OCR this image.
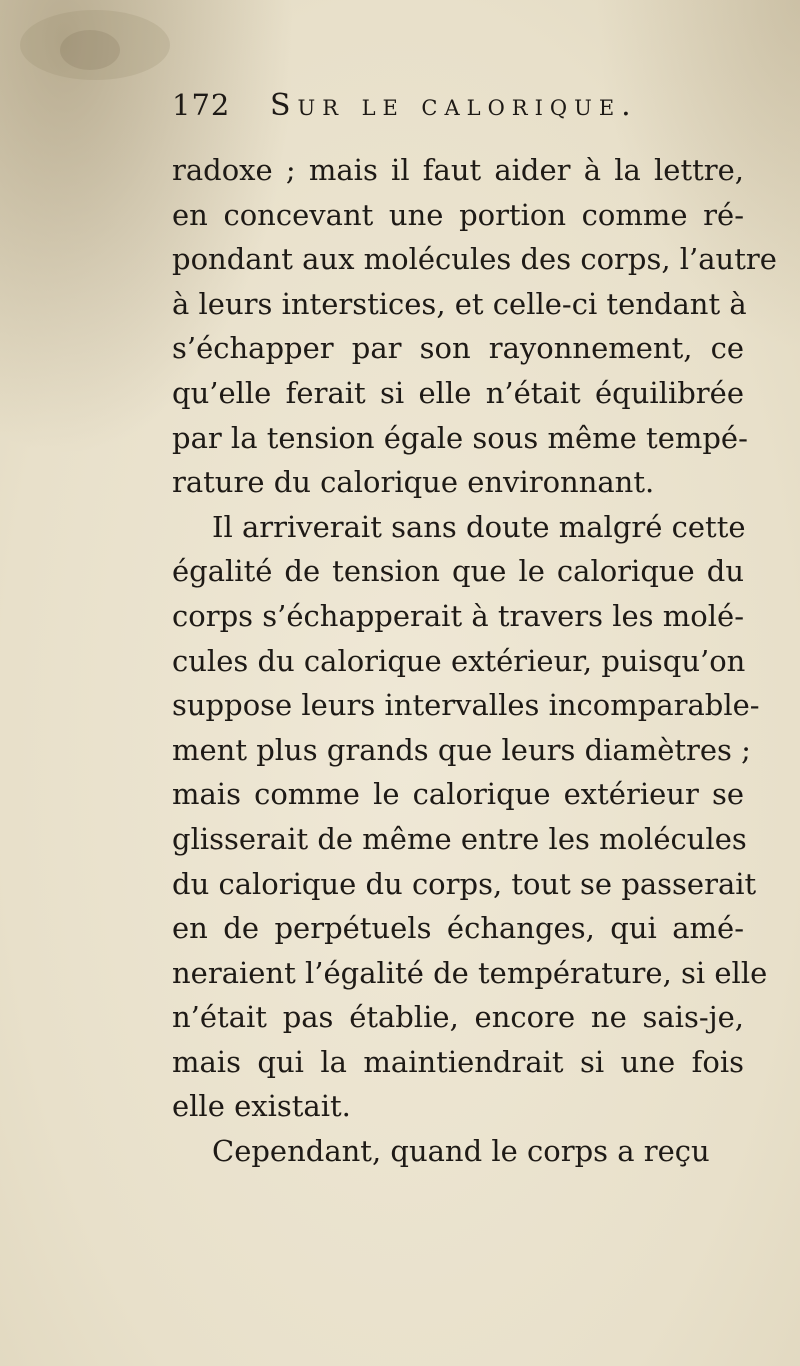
172 Sur le calorique.
radoxe ; mais il faut aider à la lettre,
en concevant une portion comme ré-
pondant aux molécules des corps, l’autre
à leurs interstices, et celle-ci tendant à
s’échapper par son rayonnement, ce
qu’elle ferait si elle n’était équilibrée
par la tension égale sous même tempé-
rature du calorique environnant.
Il arriverait sans doute malgré cette
égalité de tension que le calorique du
corps s’échapperait à travers les molé-
cules du calorique extérieur, puisqu’on
suppose leurs intervalles incomparable-
ment plus grands que leurs diamètres ;
mais comme le calorique extérieur se
glisserait de même entre les molécules
du calorique du corps, tout se passerait
en de perpétuels échanges, qui amé-
neraient l’égalité de température, si elle
n’était pas établie, encore ne sais-je,
mais qui la maintiendrait si une fois
elle existait.
Cependant, quand le corps a reçu
